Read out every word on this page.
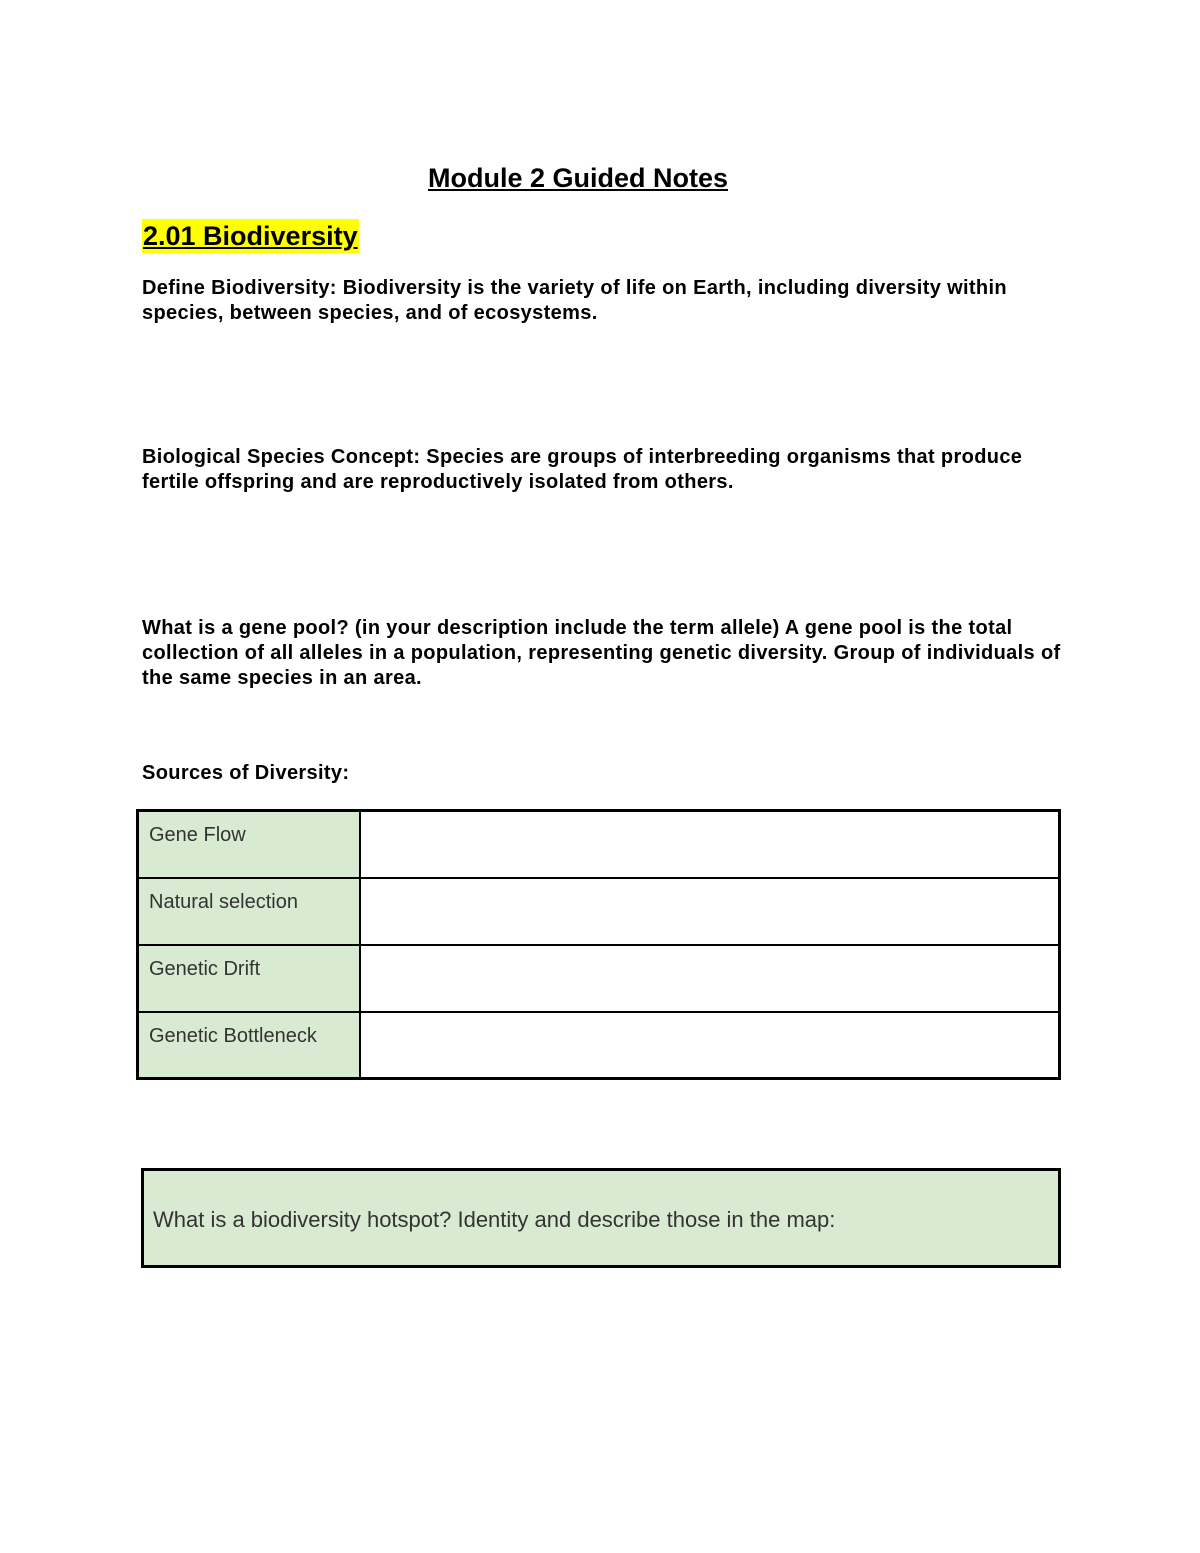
Module 2 Guided Notes
2.01 Biodiversity
Define Biodiversity: Biodiversity is the variety of life on Earth, including diversity within species, between species, and of ecosystems.
Biological Species Concept: Species are groups of interbreeding organisms that produce fertile offspring and are reproductively isolated from others.
What is a gene pool? (in your description include the term allele) A gene pool is the total collection of all alleles in a population, representing genetic diversity. Group of individuals of the same species in an area.
Sources of Diversity:
Gene Flow	
Natural selection	
Genetic Drift	
Genetic Bottleneck	
What is a biodiversity hotspot? Identity and describe those in the map:
